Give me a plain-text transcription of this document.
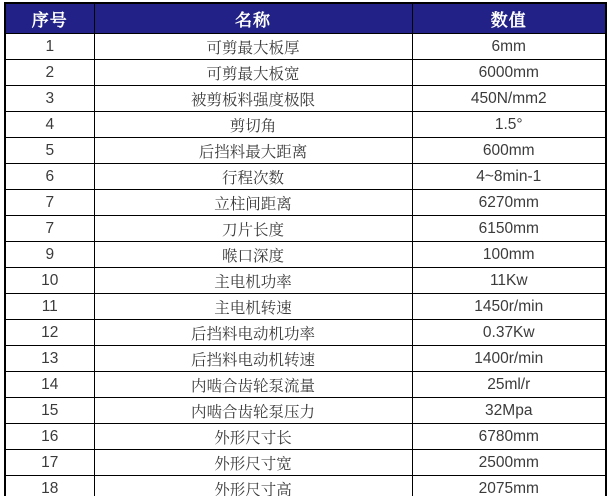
序号	名称	数值
1	可剪最大板厚	6mm
2	可剪最大板宽	6000mm
3	被剪板料强度极限	450N/mm2
4	剪切角	1.5°
5	后挡料最大距离	600mm
6	行程次数	4~8min-1
7	立柱间距离	6270mm
7	刀片长度	6150mm
9	喉口深度	100mm
10	主电机功率	11Kw
11	主电机转速	1450r/min
12	后挡料电动机功率	0.37Kw
13	后挡料电动机转速	1400r/min
14	内啮合齿轮泵流量	25ml/r
15	内啮合齿轮泵压力	32Mpa
16	外形尺寸长	6780mm
17	外形尺寸宽	2500mm
18	外形尺寸高	2075mm
